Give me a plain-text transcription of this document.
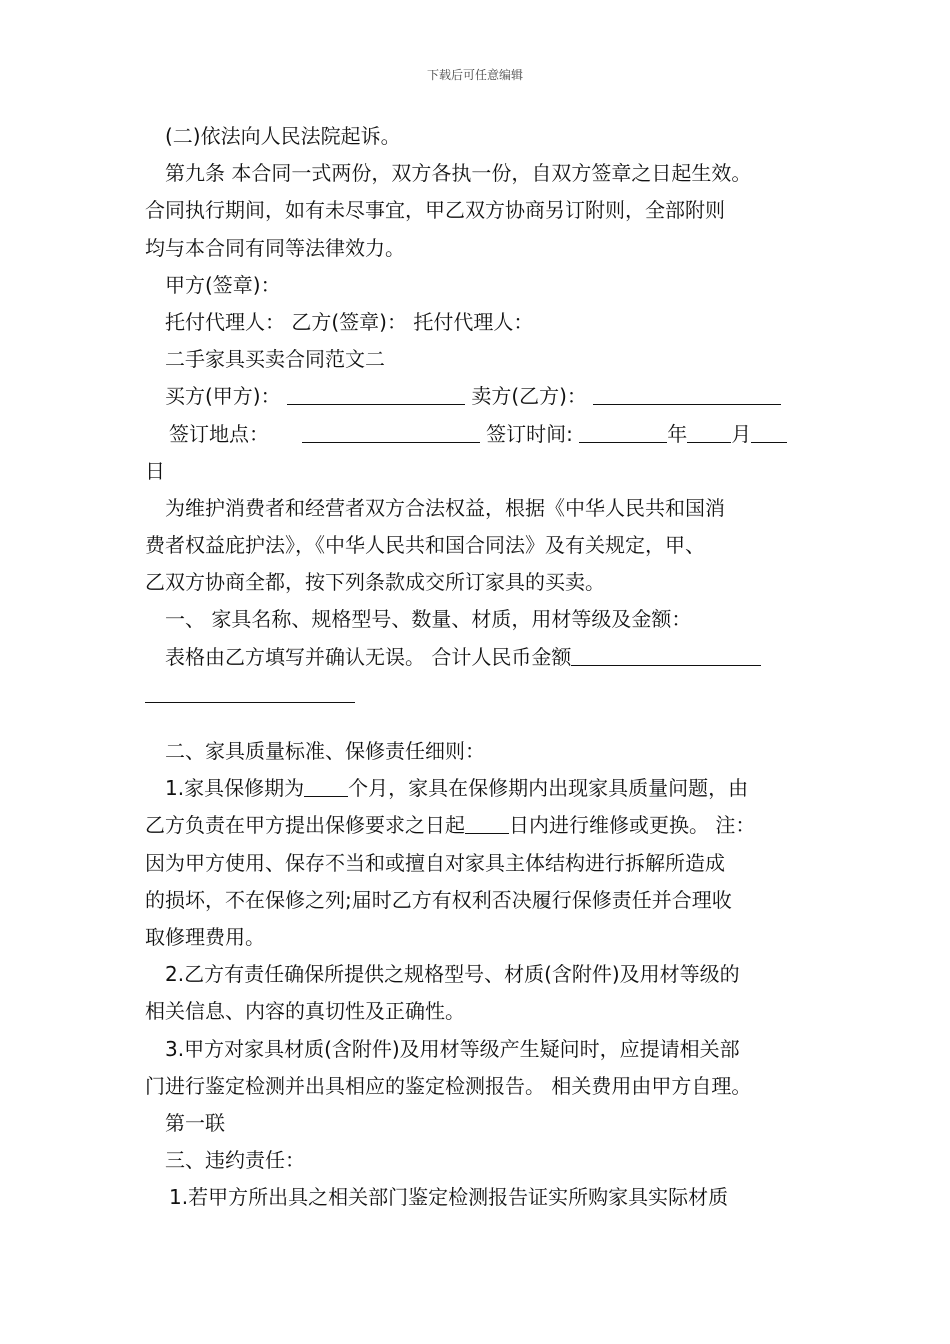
下载后可任意编辑
(二)依法向人民法院起诉。
第九条 本合同一式两份，双方各执一份，自双方签章之日起生效。
合同执行期间，如有未尽事宜，甲乙双方协商另订附则，全部附则
均与本合同有同等法律效力。
甲方(签章)：
托付代理人： 乙方(签章)： 托付代理人：
二手家具买卖合同范文二
买方(甲方)：	卖方(乙方)：
签订地点：	签订时间:	年 月
日
为维护消费者和经营者双方合法权益，根据《中华人民共和国消
费者权益庇护法》，《中华人民共和国合同法》及有关规定，甲、
乙双方协商全都，按下列条款成交所订家具的买卖。
一、 家具名称、规格型号、数量、材质，用材等级及金额：
表格由乙方填写并确认无误。 合计人民币金额
二、家具质量标准、保修责任细则：
1.家具保修期为 个月，家具在保修期内出现家具质量问题，由
乙方负责在甲方提出保修要求之日起 日内进行维修或更换。 注：
因为甲方使用、保存不当和或擅自对家具主体结构进行拆解所造成
的损坏，不在保修之列;届时乙方有权利否决履行保修责任并合理收
取修理费用。
2.乙方有责任确保所提供之规格型号、材质(含附件)及用材等级的
相关信息、内容的真切性及正确性。
3.甲方对家具材质(含附件)及用材等级产生疑问时，应提请相关部
门进行鉴定检测并出具相应的鉴定检测报告。 相关费用由甲方自理。
第一联
三、违约责任：
1.若甲方所出具之相关部门鉴定检测报告证实所购家具实际材质
